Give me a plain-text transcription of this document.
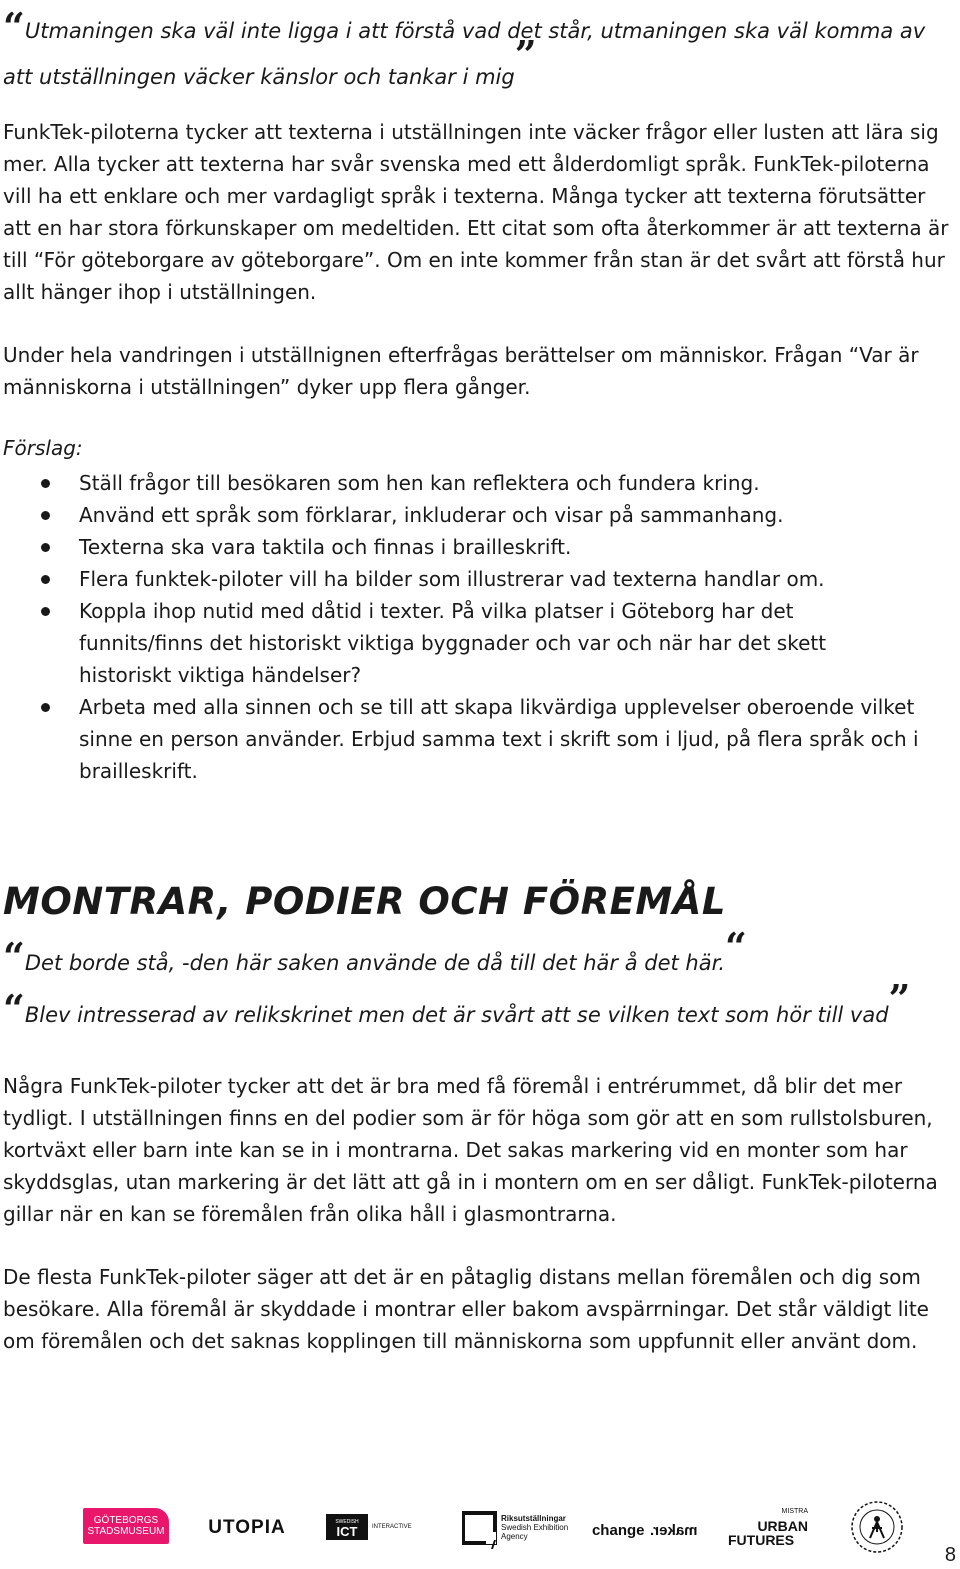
“Utmaningen ska väl inte ligga i att förstå vad det står, utmaningen ska väl komma av att utställningen väcker känslor och tankar i mig”

FunkTek-piloterna tycker att texterna i utställningen inte väcker frågor eller lusten att lära sig mer. Alla tycker att texterna har svår svenska med ett ålderdomligt språk. FunkTek-piloterna vill ha ett enklare och mer vardagligt språk i texterna. Många tycker att texterna förutsätter att en har stora förkunskaper om medeltiden. Ett citat som ofta återkommer är att texterna är till “För göteborgare av göteborgare”. Om en inte kommer från stan är det svårt att förstå hur allt hänger ihop i utställningen.

Under hela vandringen i utställnignen efterfrågas berättelser om människor. Frågan “Var är människorna i utställningen” dyker upp flera gånger.

Förslag:

Ställ frågor till besökaren som hen kan reflektera och fundera kring.
Använd ett språk som förklarar, inkluderar och visar på sammanhang.
Texterna ska vara taktila och finnas i brailleskrift.
Flera funktek-piloter vill ha bilder som illustrerar vad texterna handlar om.
Koppla ihop nutid med dåtid i texter. På vilka platser i Göteborg har det funnits/finns det historiskt viktiga byggnader och var och när har det skett historiskt viktiga händelser?
Arbeta med alla sinnen och se till att skapa likvärdiga upplevelser oberoende vilket sinne en person använder. Erbjud samma text i skrift som i ljud, på flera språk och i brailleskrift.
MONTRAR, PODIER OCH FÖREMÅL
“Det borde stå, -den här saken använde de då till det här å det här.“
“Blev intresserad av relikskrinet men det är svårt att se vilken text som hör till vad”

Några FunkTek-piloter tycker att det är bra med få föremål i entrérummet, då blir det mer tydligt. I utställningen finns en del podier som är för höga som gör att en som rullstolsburen, kortväxt eller barn inte kan se in i montrarna. Det sakas markering vid en monter som har skyddsglas, utan markering är det lätt att gå in i montern om en ser dåligt. FunkTek-piloterna gillar när en kan se föremålen från olika håll i glasmontrarna.

De flesta FunkTek-piloter säger att det är en påtaglig distans mellan föremålen och dig som besökare. Alla föremål är skyddade i montrar eller bakom avspärrningar. Det står väldigt lite om föremålen och det saknas kopplingen till människorna som uppfunnit eller använt dom.

GÖTEBORGS
STADSMUSEUM UTOPIA	SWEDISH
ICT INTERACTIVE
Riksutställningar
Swedish Exhibition Agency	change maker.
MISTRA
URBAN
FUTURES
8
